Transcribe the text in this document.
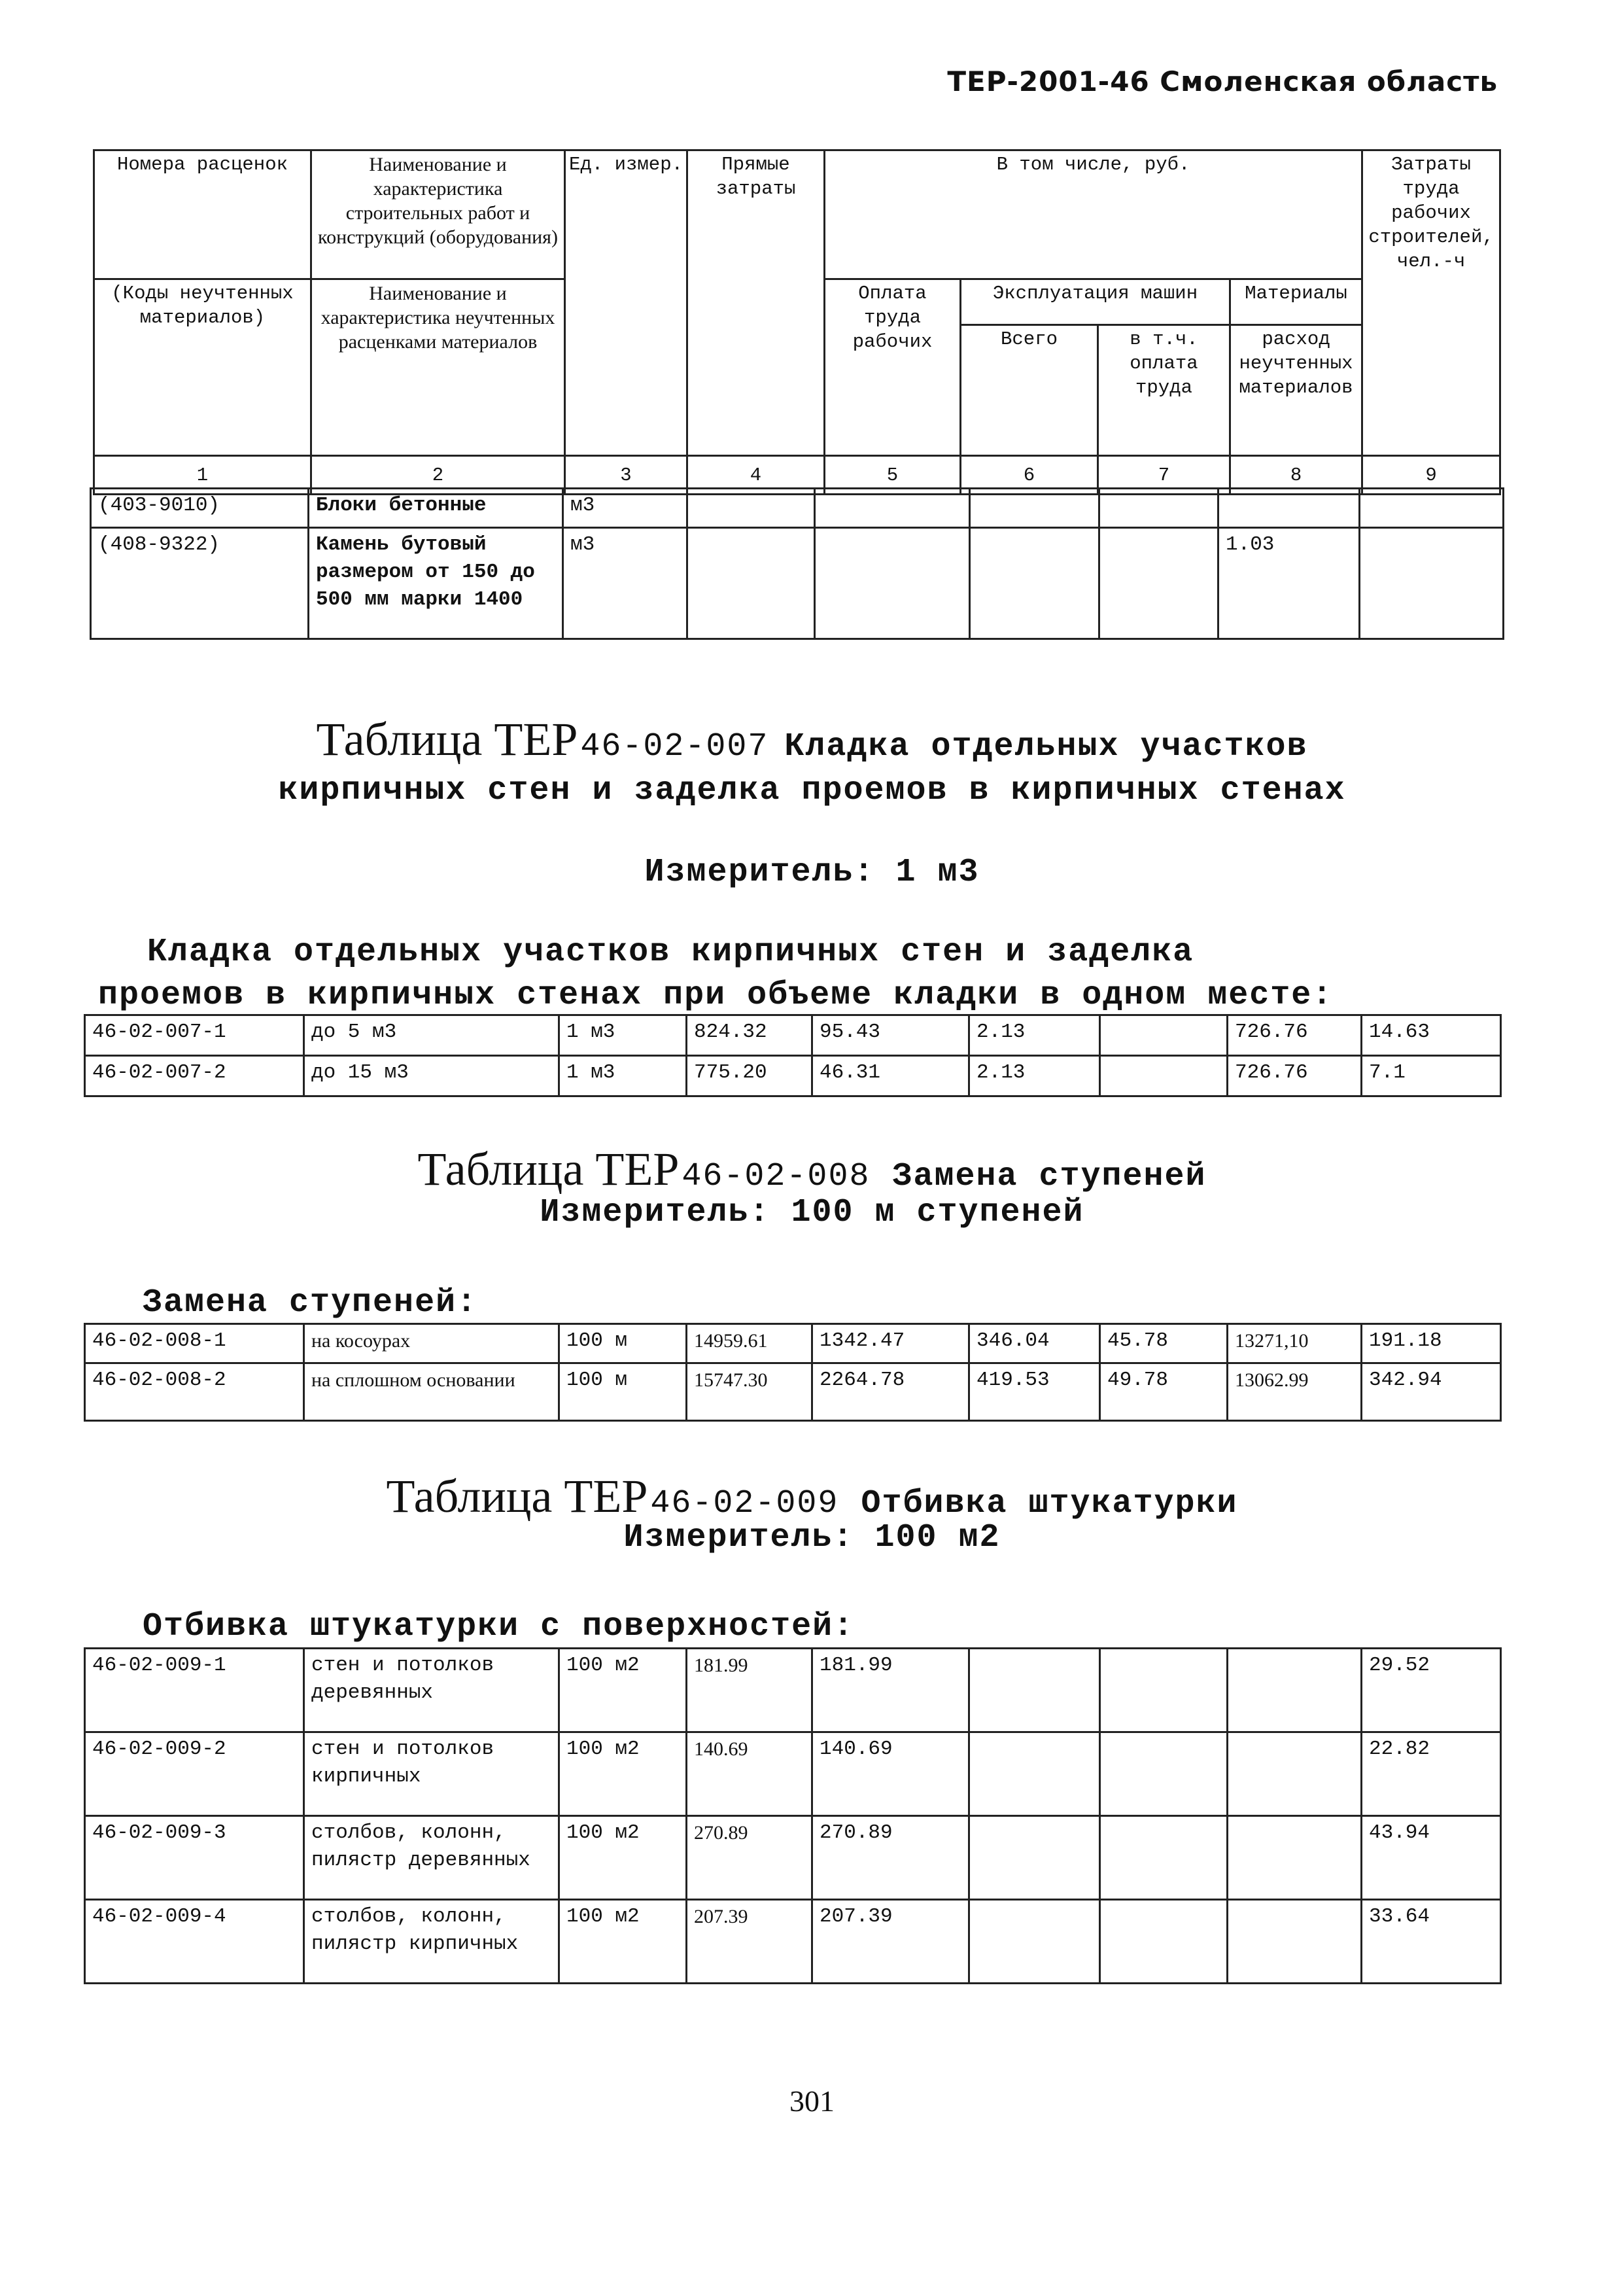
ТЕР-2001-46 Смоленская область
Номера расценок	Наименование и характеристика строительных работ и конструкций (оборудования)	Ед. измер.	Прямые затраты	В том числе, руб.				Затраты труда рабочих строителей, чел.-ч
(Коды неучтенных материалов)	Наименование и характеристика неучтенных расценками материалов			Оплата труда рабочих	Эксплуатация машин		Материалы	
					Всего	в т.ч. оплата труда	расход неучтенных материалов	
1	2	3	4	5	6	7	8	9
(403-9010)	Блоки бетонные	м3						
(408-9322)	Камень бутовый размером от 150 до 500 мм марки 1400	м3					1.03	
Таблица ТЕР 46-02-007 Кладка отдельных участков
кирпичных стен и заделка проемов в кирпичных стенах
Измеритель: 1 м3
Кладка отдельных участков кирпичных стен и заделка
проемов в кирпичных стенах при объеме кладки в одном месте:
46-02-007-1	до 5 м3	1 м3	824.32	95.43	2.13		726.76	14.63
46-02-007-2	до 15 м3	1 м3	775.20	46.31	2.13		726.76	7.1
Таблица ТЕР 46-02-008 Замена ступеней
Измеритель: 100 м ступеней
Замена ступеней:
46-02-008-1	на косоурах	100 м	14959.61	1342.47	346.04	45.78	13271,10	191.18
46-02-008-2	на сплошном основании	100 м	15747.30	2264.78	419.53	49.78	13062.99	342.94
Таблица ТЕР 46-02-009 Отбивка штукатурки
Измеритель: 100 м2
Отбивка штукатурки с поверхностей:
46-02-009-1	стен и потолков деревянных	100 м2	181.99	181.99				29.52
46-02-009-2	стен и потолков кирпичных	100 м2	140.69	140.69				22.82
46-02-009-3	столбов, колонн, пилястр деревянных	100 м2	270.89	270.89				43.94
46-02-009-4	столбов, колонн, пилястр кирпичных	100 м2	207.39	207.39				33.64
301
